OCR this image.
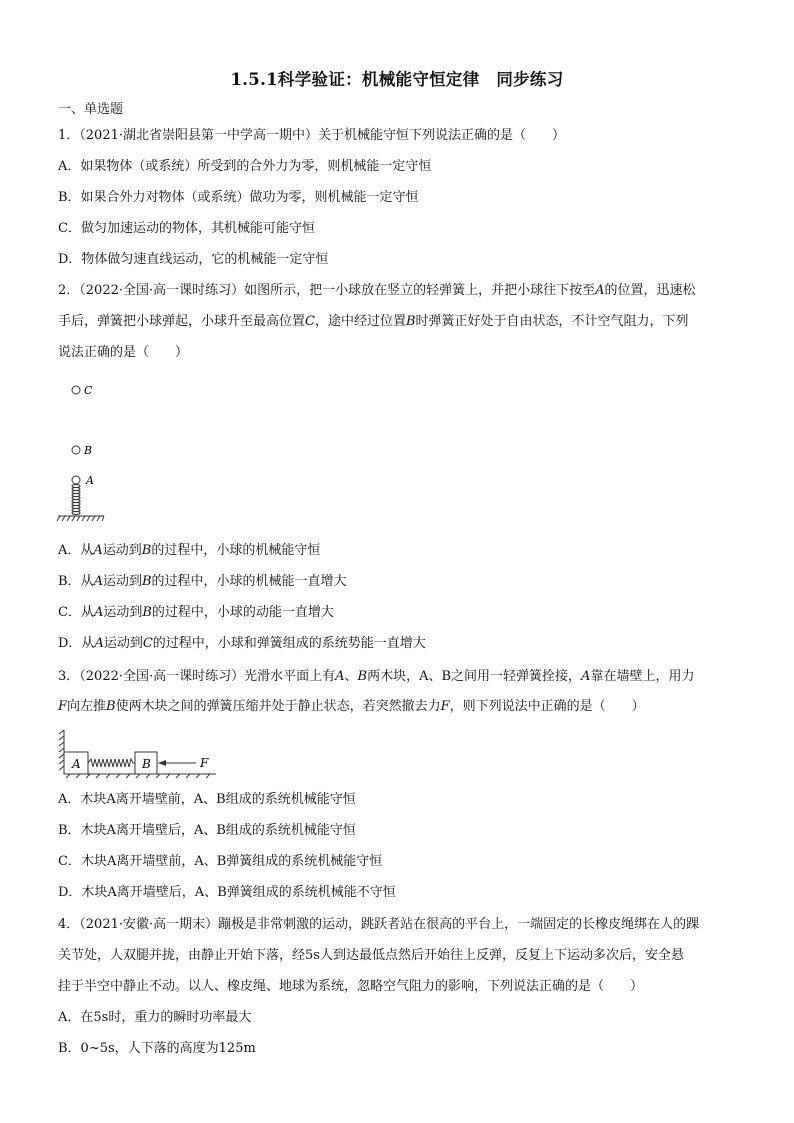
1.5.1科学验证：机械能守恒定律　同步练习
一、单选题
1．（2021·湖北省崇阳县第一中学高一期中）关于机械能守恒下列说法正确的是（　　）
A．如果物体（或系统）所受到的合外力为零，则机械能一定守恒
B．如果合外力对物体（或系统）做功为零，则机械能一定守恒
C．做匀加速运动的物体，其机械能可能守恒
D．物体做匀速直线运动，它的机械能一定守恒
2．（2022·全国·高一课时练习）如图所示，把一小球放在竖立的轻弹簧上，并把小球往下按至A的位置，迅速松
手后，弹簧把小球弹起，小球升至最高位置C，途中经过位置B时弹簧正好处于自由状态，不计空气阻力，下列
说法正确的是（　　）
C
B
A
A．从A运动到B的过程中，小球的机械能守恒
B．从A运动到B的过程中，小球的机械能一直增大
C．从A运动到B的过程中，小球的动能一直增大
D．从A运动到C的过程中，小球和弹簧组成的系统势能一直增大
3．（2022·全国·高一课时练习）光滑水平面上有A、B两木块，A、B之间用一轻弹簧拴接，A靠在墙壁上，用力
F向左推B使两木块之间的弹簧压缩并处于静止状态，若突然撤去力F，则下列说法中正确的是（　　）
A	B	F
A．木块A离开墙壁前，A、B组成的系统机械能守恒
B．木块A离开墙壁后，A、B组成的系统机械能守恒
C．木块A离开墙壁前，A、B弹簧组成的系统机械能守恒
D．木块A离开墙壁后，A、B弹簧组成的系统机械能不守恒
4．（2021·安徽·高一期末）蹦极是非常刺激的运动，跳跃者站在很高的平台上，一端固定的长橡皮绳绑在人的踝
关节处，人双腿并拢，由静止开始下落，经5s人到达最低点然后开始往上反弹，反复上下运动多次后，安全悬
挂于半空中静止不动。以人、橡皮绳、地球为系统，忽略空气阻力的影响，下列说法正确的是（　　）
A．在5s时，重力的瞬时功率最大
B．0~5s，人下落的高度为125m
